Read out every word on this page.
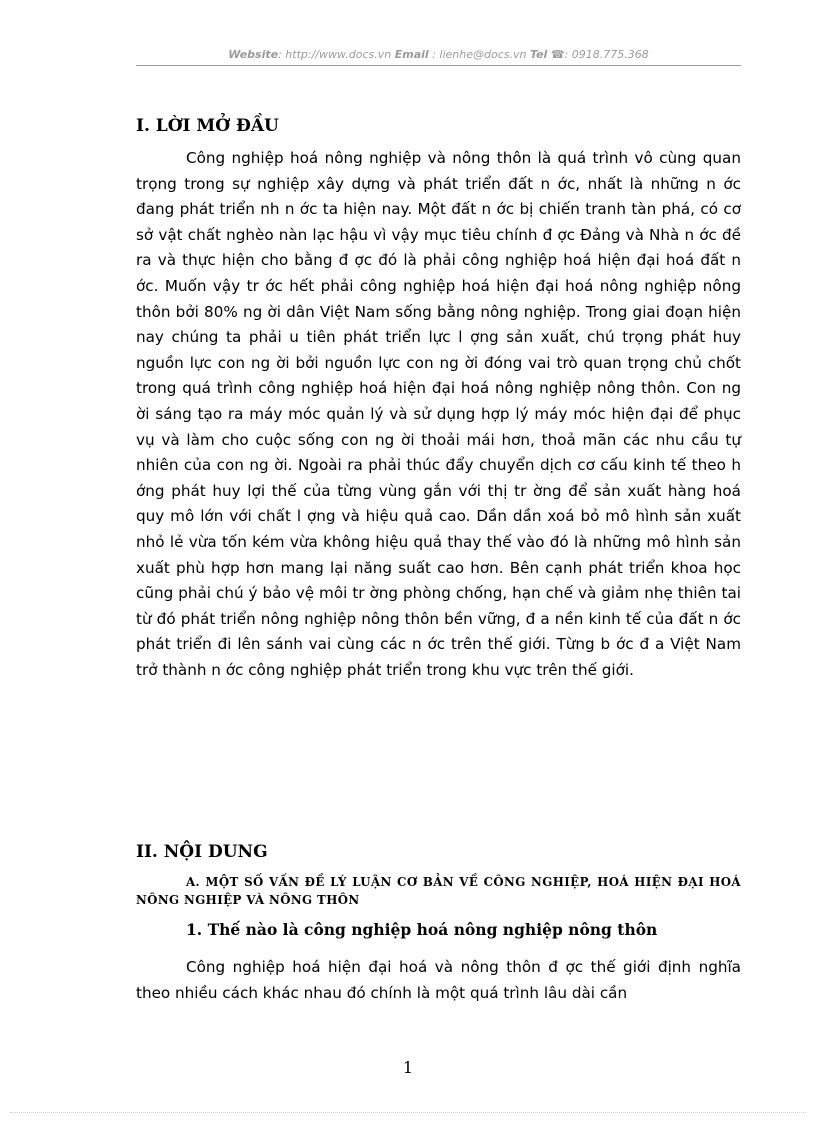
Website: http://www.docs.vn Email : lienhe@docs.vn Tel ☎: 0918.775.368
I. LỜI MỞ ĐẦU

Công nghiệp hoá nông nghiệp và nông thôn là quá trình vô cùng quan trọng trong sự nghiệp xây dựng và phát triển đất n ớc, nhất là những n ớc đang phát triển nh n ớc ta hiện nay. Một đất n ớc bị chiến tranh tàn phá, có cơ sở vật chất nghèo nàn lạc hậu vì vậy mục tiêu chính đ ợc Đảng và Nhà n ớc đề ra và thực hiện cho bằng đ ợc đó là phải công nghiệp hoá hiện đại hoá đất n ớc. Muốn vậy tr ớc hết phải công nghiệp hoá hiện đại hoá nông nghiệp nông thôn bởi 80% ng ời dân Việt Nam sống bằng nông nghiệp. Trong giai đoạn hiện nay chúng ta phải u tiên phát triển lực l ợng sản xuất, chú trọng phát huy nguồn lực con ng ời bởi nguồn lực con ng ời đóng vai trò quan trọng chủ chốt trong quá trình công nghiệp hoá hiện đại hoá nông nghiệp nông thôn. Con ng ời sáng tạo ra máy móc quản lý và sử dụng hợp lý máy móc hiện đại để phục vụ và làm cho cuộc sống con ng ời thoải mái hơn, thoả mãn các nhu cầu tự nhiên của con ng ời. Ngoài ra phải thúc đẩy chuyển dịch cơ cấu kinh tế theo h ớng phát huy lợi thế của từng vùng gắn với thị tr ờng để sản xuất hàng hoá quy mô lớn với chất l ợng và hiệu quả cao. Dần dần xoá bỏ mô hình sản xuất nhỏ lẻ vừa tốn kém vừa không hiệu quả thay thế vào đó là những mô hình sản xuất phù hợp hơn mang lại năng suất cao hơn. Bên cạnh phát triển khoa học cũng phải chú ý bảo vệ môi tr ờng phòng chống, hạn chế và giảm nhẹ thiên tai từ đó phát triển nông nghiệp nông thôn bền vững, đ a nền kinh tế của đất n ớc phát triển đi lên sánh vai cùng các n ớc trên thế giới. Từng b ớc đ a Việt Nam trở thành n ớc công nghiệp phát triển trong khu vực trên thế giới.

II. NỘI DUNG

A. MỘT SỐ VẤN ĐỀ LÝ LUẬN CƠ BẢN VỀ CÔNG NGHIỆP, HOÁ HIỆN ĐẠI HOÁ NÔNG NGHIỆP VÀ NÔNG THÔN

1. Thế nào là công nghiệp hoá nông nghiệp nông thôn

Công nghiệp hoá hiện đại hoá và nông thôn đ ợc thế giới định nghĩa theo nhiều cách khác nhau đó chính là một quá trình lâu dài cần

1
